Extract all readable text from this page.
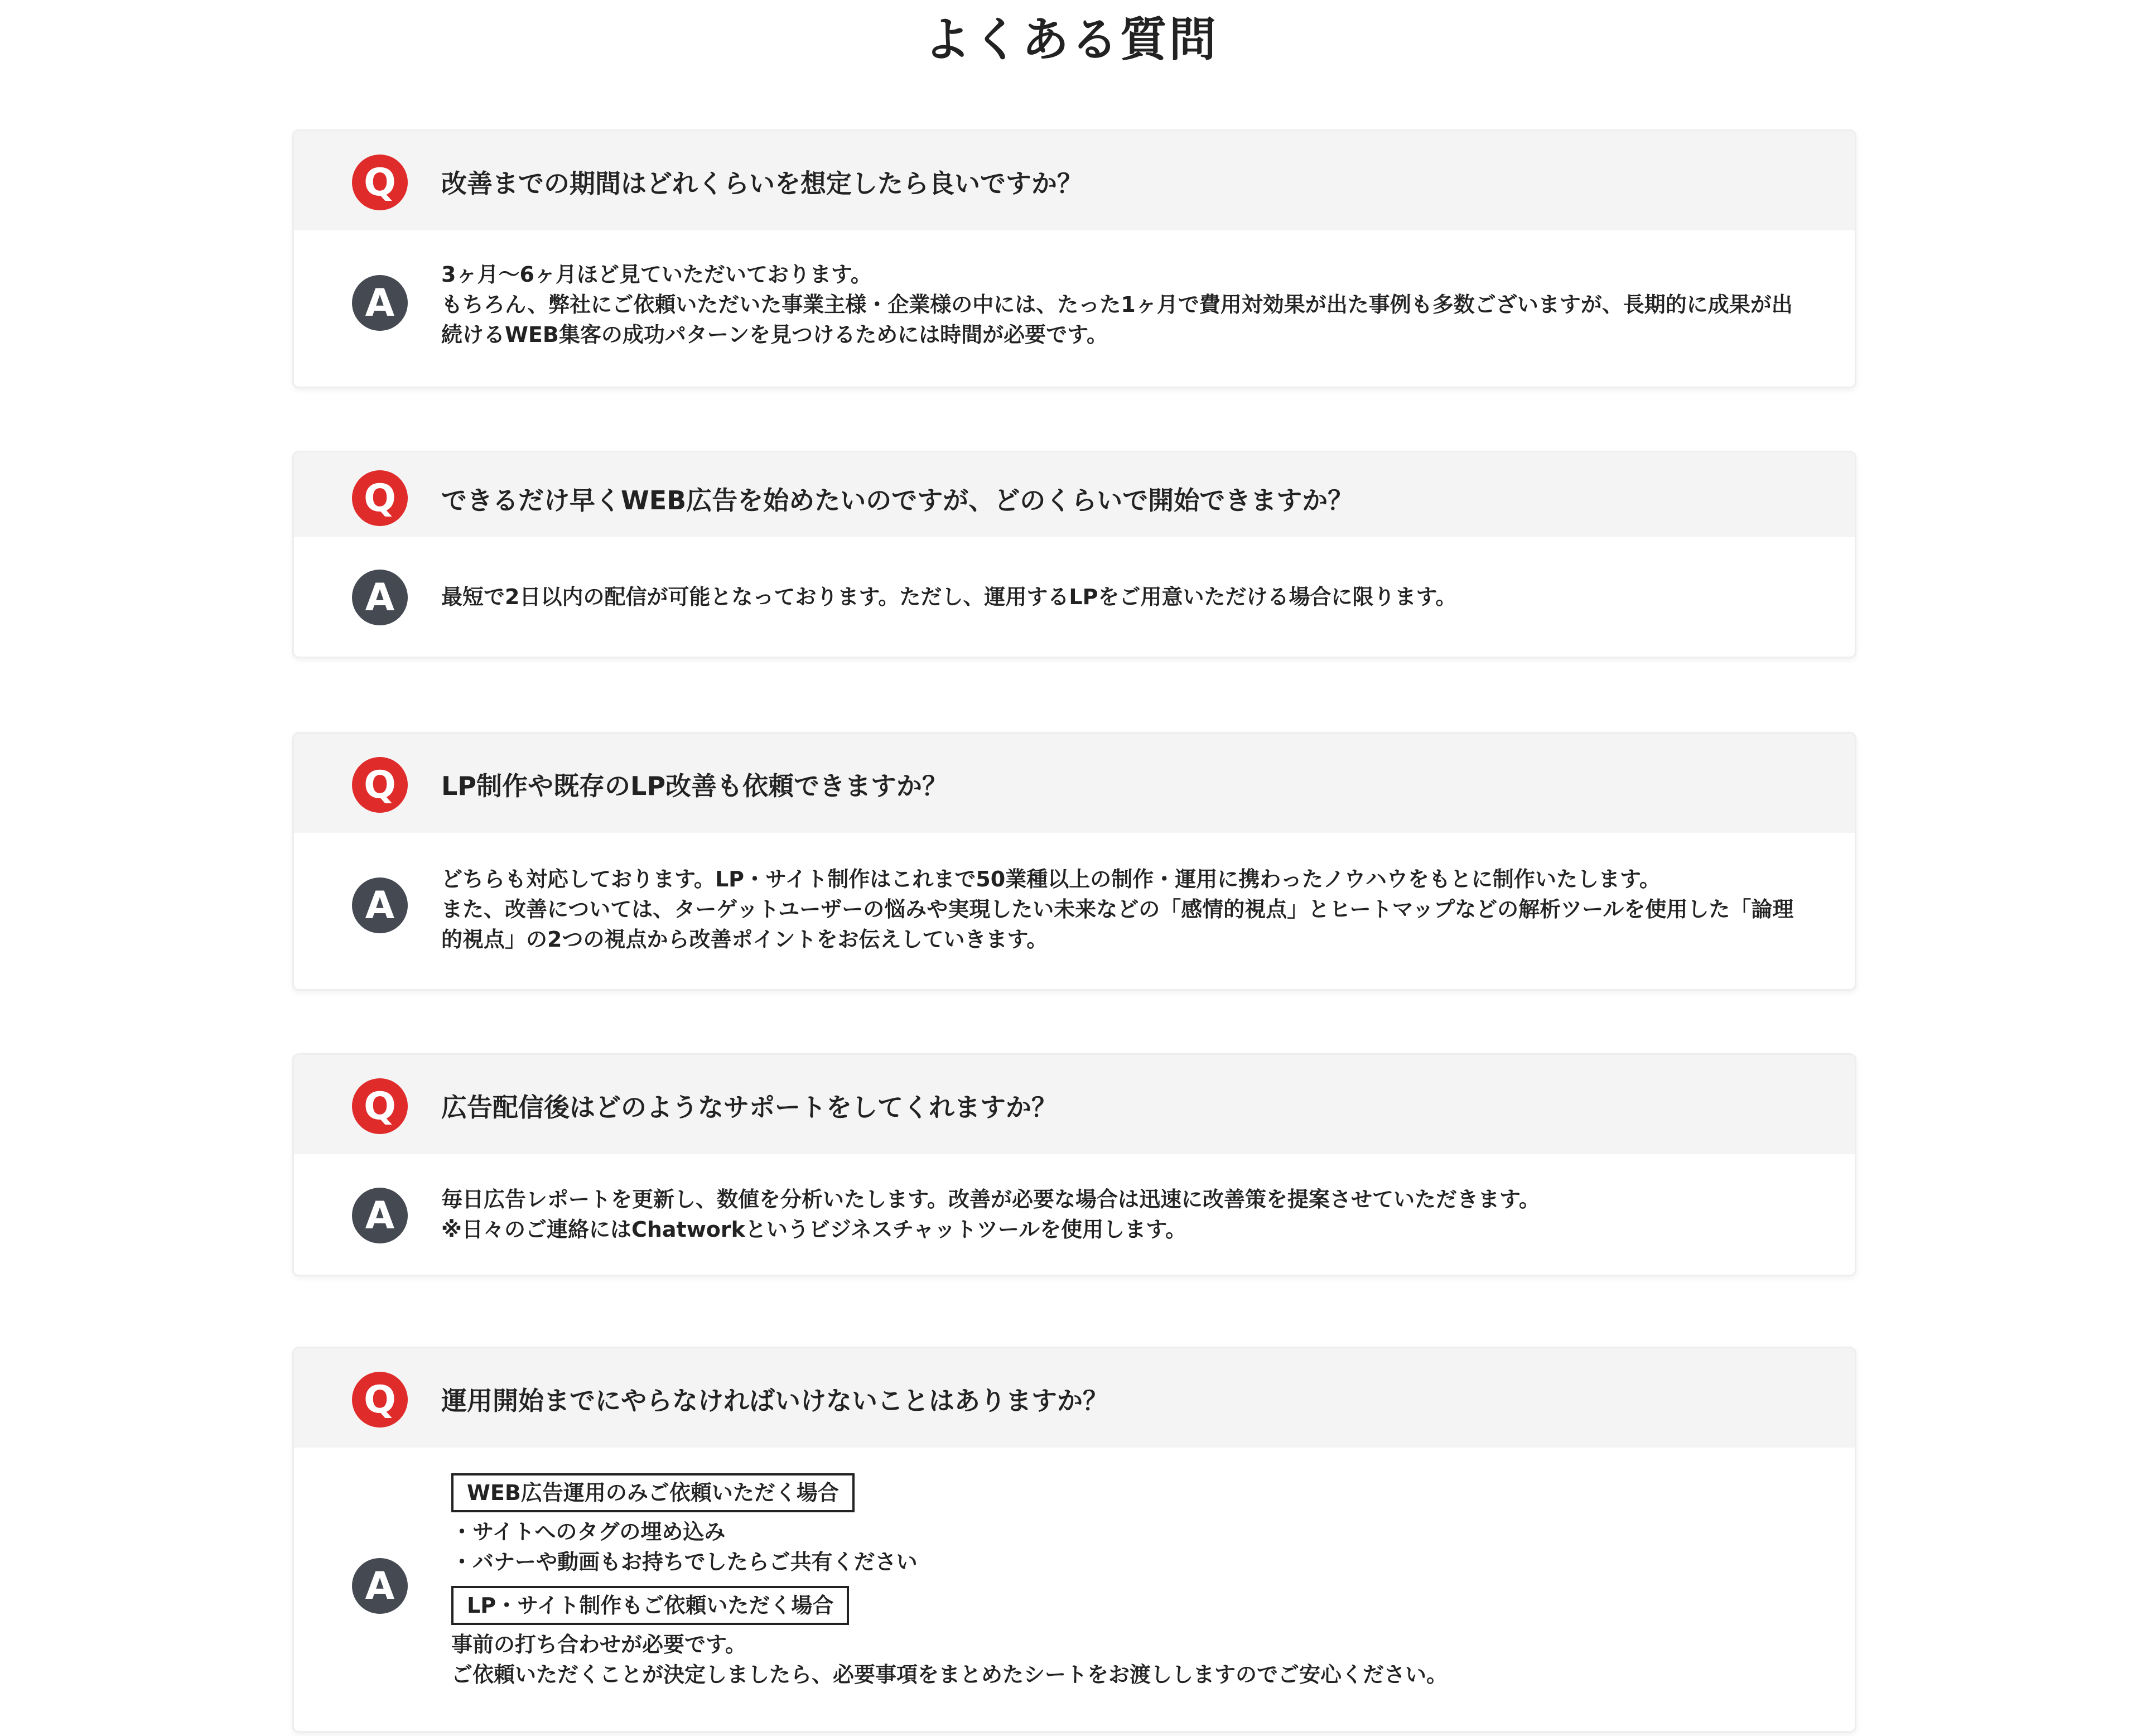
よくある質問
Q	改善までの期間はどれくらいを想定したら良いですか？
A

3ヶ月〜6ヶ月ほど見ていただいております。

もちろん、弊社にご依頼いただいた事業主様・企業様の中には、たった1ヶ月で費用対効果が出た事例も多数ございますが、長期的に成果が出続けるWEB集客の成功パターンを見つけるためには時間が必要です。

Q	できるだけ早くWEB広告を始めたいのですが、どのくらいで開始できますか？
A	最短で2日以内の配信が可能となっております。ただし、運用するLPをご用意いただける場合に限ります。

Q	LP制作や既存のLP改善も依頼できますか？
A

どちらも対応しております。LP・サイト制作はこれまで50業種以上の制作・運用に携わったノウハウをもとに制作いたします。

また、改善については、ターゲットユーザーの悩みや実現したい未来などの「感情的視点」とヒートマップなどの解析ツールを使用した「論理的視点」の2つの視点から改善ポイントをお伝えしていきます。

Q	広告配信後はどのようなサポートをしてくれますか？
A	毎日広告レポートを更新し、数値を分析いたします。改善が必要な場合は迅速に改善策を提案させていただきます。

※日々のご連絡にはChatworkというビジネスチャットツールを使用します。

Q	運用開始までにやらなければいけないことはありますか？
A
WEB広告運用のみご依頼いただく場合

・サイトへのタグの埋め込み

・バナーや動画もお持ちでしたらご共有ください

LP・サイト制作もご依頼いただく場合

事前の打ち合わせが必要です。

ご依頼いただくことが決定しましたら、必要事項をまとめたシートをお渡ししますのでご安心ください。
